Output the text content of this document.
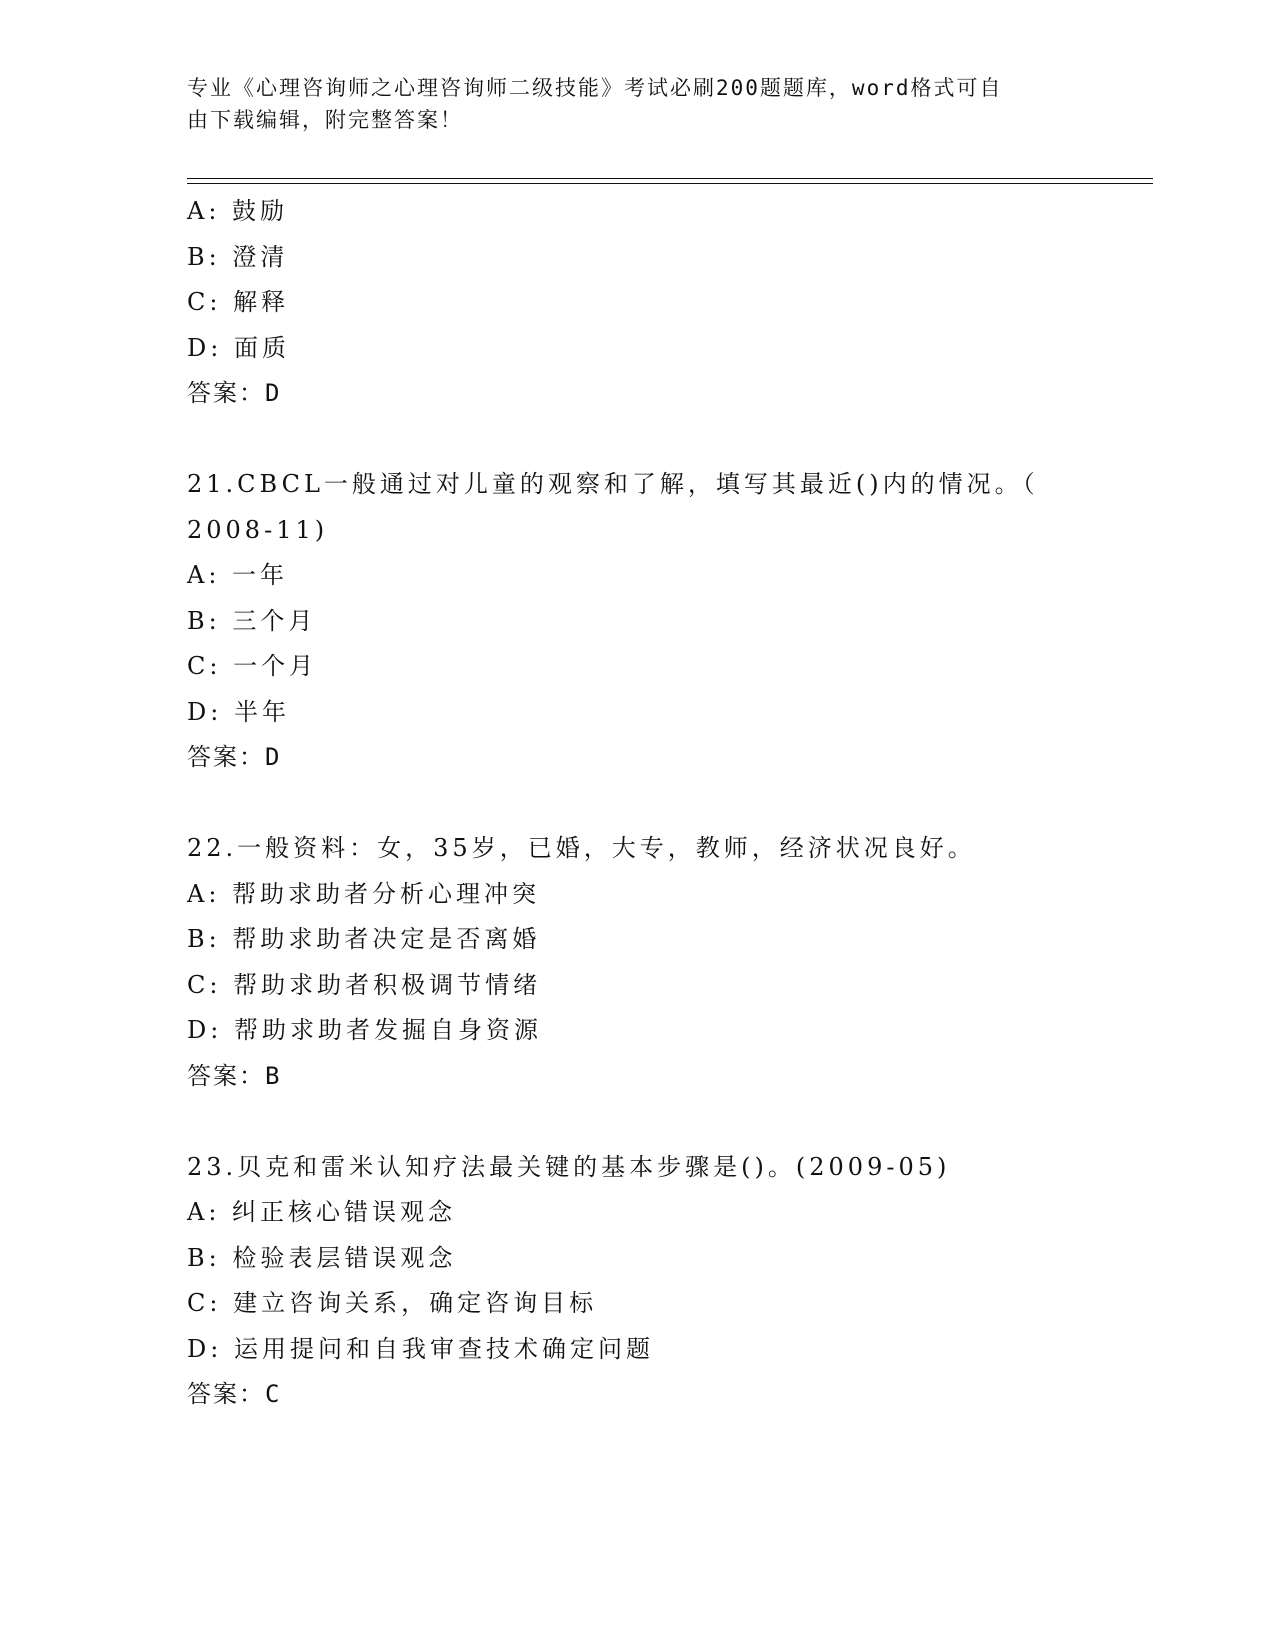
专业《心理咨询师之心理咨询师二级技能》考试必刷200题题库，word格式可自
由下载编辑，附完整答案！
A: 鼓励
B: 澄清
C: 解释
D: 面质
答案：D
21.CBCL一般通过对儿童的观察和了解，填写其最近()内的情况。（
2008-11)
A: 一年
B: 三个月
C: 一个月
D: 半年
答案：D
22.一般资料：女，35岁，已婚，大专，教师，经济状况良好。
A: 帮助求助者分析心理冲突
B: 帮助求助者决定是否离婚
C: 帮助求助者积极调节情绪
D: 帮助求助者发掘自身资源
答案：B
23.贝克和雷米认知疗法最关键的基本步骤是()。(2009-05)
A: 纠正核心错误观念
B: 检验表层错误观念
C: 建立咨询关系，确定咨询目标
D: 运用提问和自我审查技术确定问题
答案：C
